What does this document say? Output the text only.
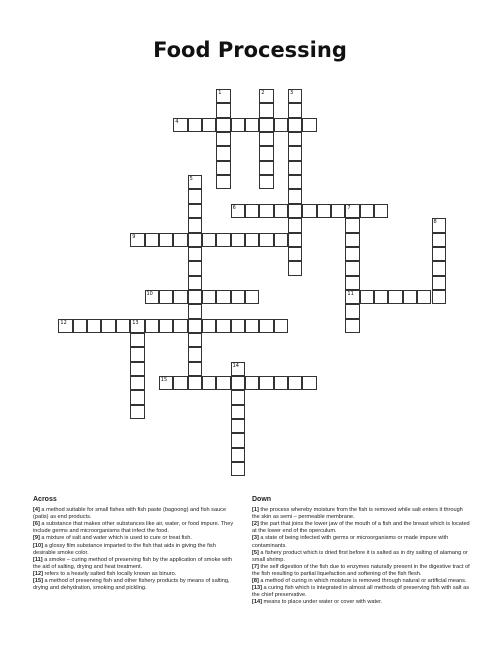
Food Processing
1	2	3
4
5
6	7
11
8
9
10
12	13
14
15
Across

[4] a method suitable for small fishes with fish paste (bagoong) and fish sauce (patis) as end products.

[6] a substance that makes other substances like air, water, or food impure. They include germs and microorganisms that infect the food.

[9] a mixture of salt and water which is used to cure or treat fish.

[10] a glossy film substance imparted to the fish that aids in giving the fish desirable smoke color.

[11] a smoke – curing method of preserving fish by the application of smoke with the aid of salting, drying and heat treatment.

[12] refers to a heavily salted fish locally known as binuro.

[15] a method of preserving fish and other fishery products by means of salting, drying and dehydration, smoking and pickling.

Down

[1] the process whereby moisture from the fish is removed while salt enters it through the skin as semi – permeable membrane.

[2] the part that joins the lower jaw of the mouth of a fish and the breast which is located at the lower end of the operculum.

[3] a state of being infected with germs or microorganisms or made impure with contaminants.

[5] a fishery product which is dried first before it is salted as in dry salting of alamang or small shrimp.

[7] the self digestion of the fish due to enzymes naturally present in the digestive tract of the fish resulting to partial liquefaction and softening of the fish flesh.

[8] a method of curing in which moisture is removed through natural or artificial means.

[13] a curing fish which is integrated in almost all methods of preserving fish with salt as the chief preservative.

[14] means to place under water or cover with water.
